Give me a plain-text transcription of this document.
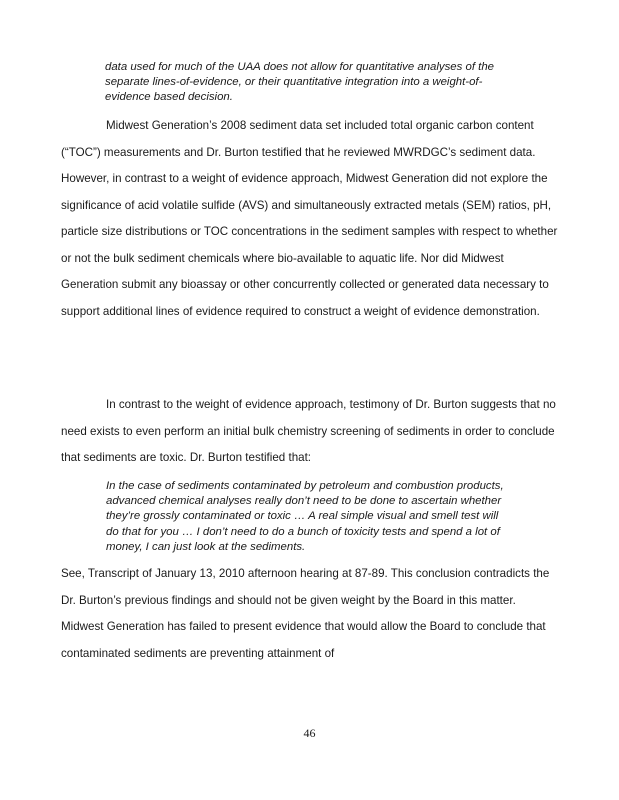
data used for much of the UAA does not allow for quantitative analyses of the separate lines-of-evidence, or their quantitative integration into a weight-of-evidence based decision.

Midwest Generation’s 2008 sediment data set included total organic carbon content (“TOC”) measurements and Dr. Burton testified that he reviewed MWRDGC’s sediment data. However, in contrast to a weight of evidence approach, Midwest Generation did not explore the significance of acid volatile sulfide (AVS) and simultaneously extracted metals (SEM) ratios, pH, particle size distributions or TOC concentrations in the sediment samples with respect to whether or not the bulk sediment chemicals where bio-available to aquatic life. Nor did Midwest Generation submit any bioassay or other concurrently collected or generated data necessary to support additional lines of evidence required to construct a weight of evidence demonstration.

In contrast to the weight of evidence approach, testimony of Dr. Burton suggests that no need exists to even perform an initial bulk chemistry screening of sediments in order to conclude that sediments are toxic. Dr. Burton testified that:

In the case of sediments contaminated by petroleum and combustion products, advanced chemical analyses really don’t need to be done to ascertain whether they’re grossly contaminated or toxic … A real simple visual and smell test will do that for you … I don’t need to do a bunch of toxicity tests and spend a lot of money, I can just look at the sediments.

See, Transcript of January 13, 2010 afternoon hearing at 87-89. This conclusion contradicts the Dr. Burton’s previous findings and should not be given weight by the Board in this matter. Midwest Generation has failed to present evidence that would allow the Board to conclude that contaminated sediments are preventing attainment of

46
